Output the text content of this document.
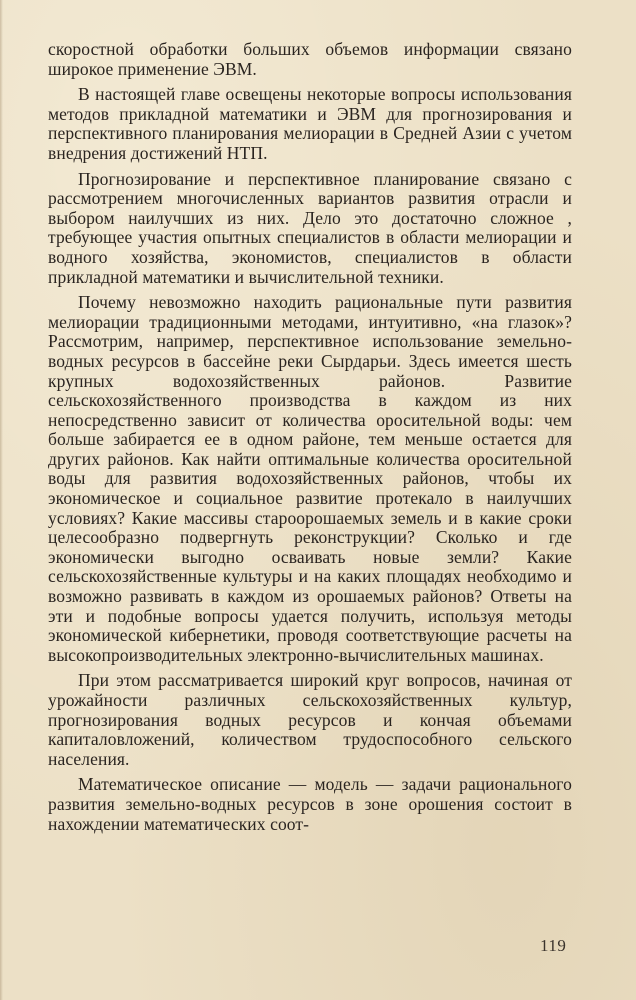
скоростной обработки больших объемов информации связано широкое применение ЭВМ.

В настоящей главе освещены некоторые вопросы использования методов прикладной математики и ЭВМ для прогнозирования и перспективного планирования мелиорации в Средней Азии с учетом внедрения достижений НТП.

Прогнозирование и перспективное планирование связано с рассмотрением многочисленных вариантов развития отрасли и выбором наилучших из них. Дело это достаточно сложное , требующее участия опытных специалистов в области мелиорации и водного хозяйства, экономистов, специалистов в области прикладной математики и вычислительной техники.

Почему невозможно находить рациональные пути развития мелиорации традиционными методами, интуитивно, «на глазок»? Рассмотрим, например, перспективное использование земельно-водных ресурсов в бассейне реки Сырдарьи. Здесь имеется шесть крупных водохозяйственных районов. Развитие сельскохозяйственного производства в каждом из них непосредственно зависит от количества оросительной воды: чем больше забирается ее в одном районе, тем меньше остается для других районов. Как найти оптимальные количества оросительной воды для развития водохозяйственных районов, чтобы их экономическое и социальное развитие протекало в наилучших условиях? Какие массивы староорошаемых земель и в какие сроки целесообразно подвергнуть реконструкции? Сколько и где экономически выгодно осваивать новые земли? Какие сельскохозяйственные культуры и на каких площадях необходимо и возможно развивать в каждом из орошаемых районов? Ответы на эти и подобные вопросы удается получить, используя методы экономической кибернетики, проводя соответствующие расчеты на высокопроизводительных электронно-вычислительных машинах.

При этом рассматривается широкий круг вопросов, начиная от урожайности различных сельскохозяйственных культур, прогнозирования водных ресурсов и кончая объемами капиталовложений, количеством трудоспособного сельского населения.

Математическое описание — модель — задачи рационального развития земельно-водных ресурсов в зоне орошения состоит в нахождении математических соот-

119
